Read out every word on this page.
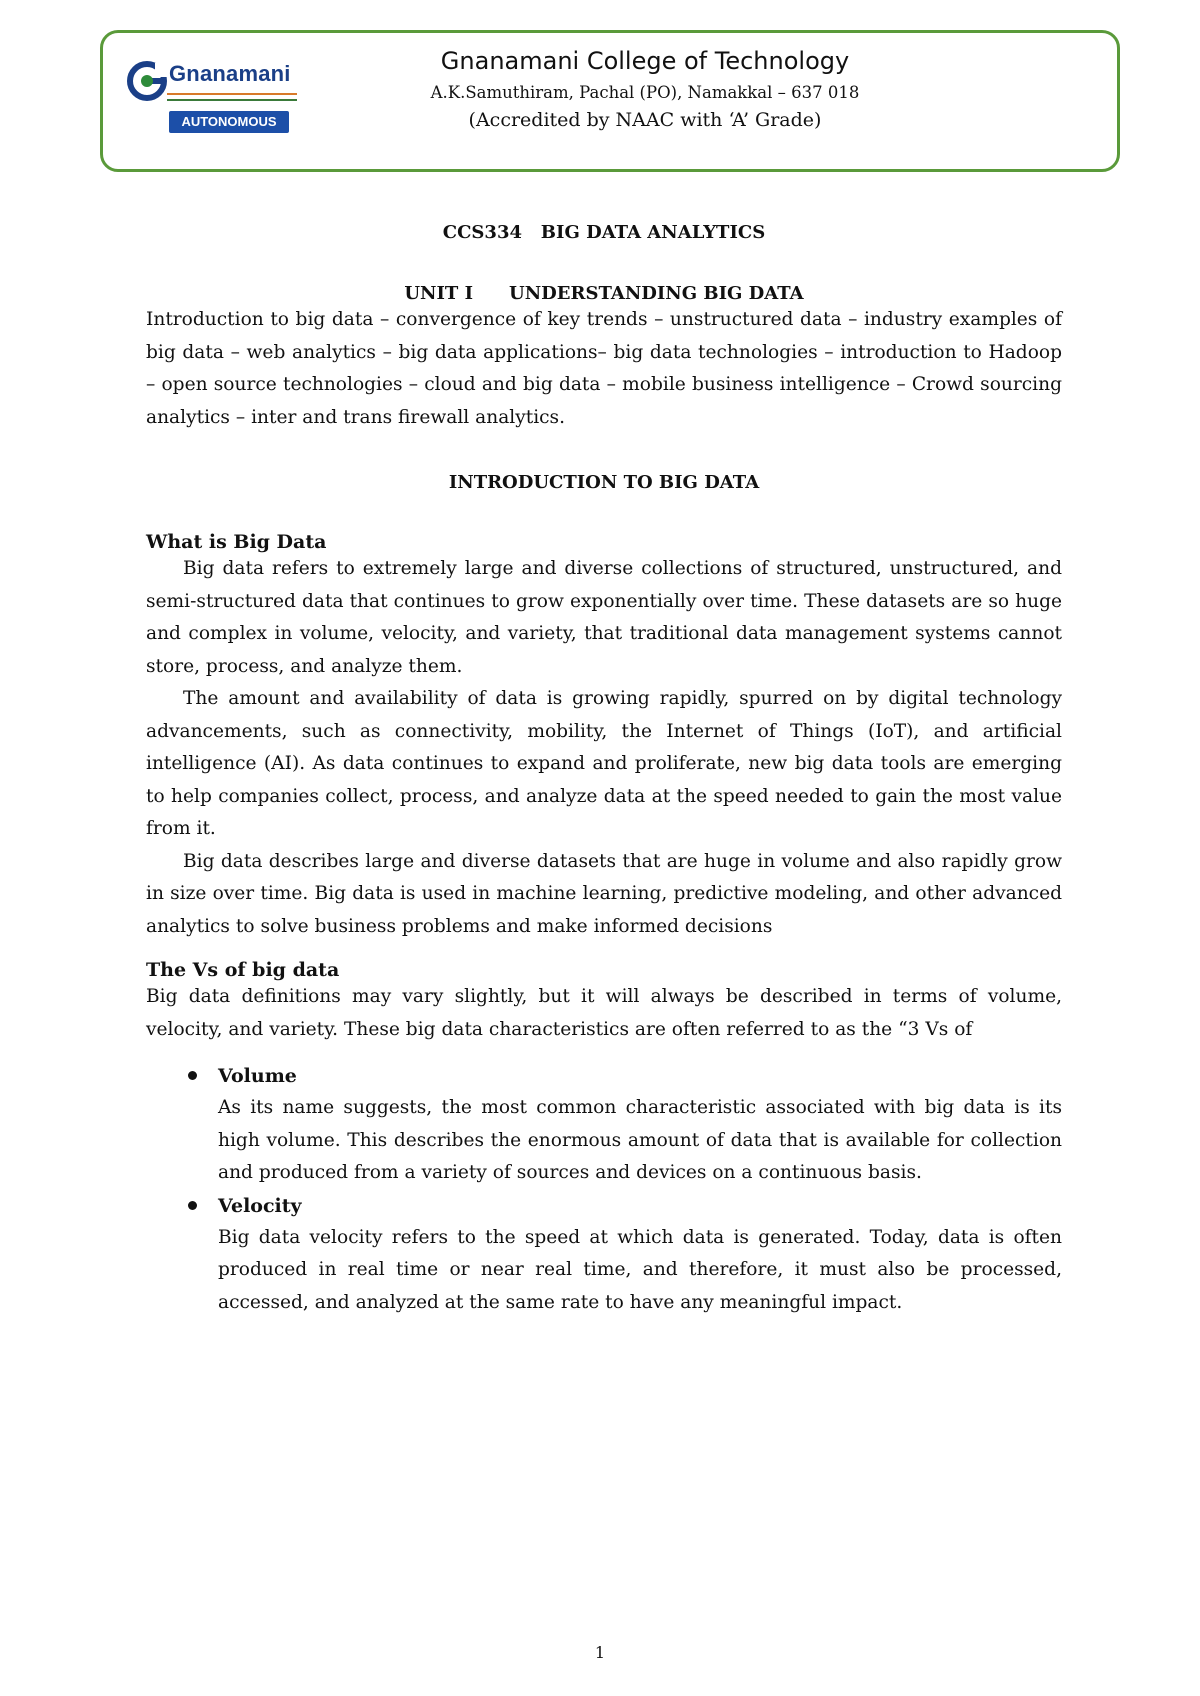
Gnanamani
AUTONOMOUS
Gnanamani College of Technology
A.K.Samuthiram, Pachal (PO), Namakkal – 637 018
(Accredited by NAAC with ‘A’ Grade)

CCS334   BIG DATA ANALYTICS

UNIT I UNDERSTANDING BIG DATA

Introduction to big data – convergence of key trends – unstructured data – industry examples of big data – web analytics – big data applications– big data technologies – introduction to Hadoop – open source technologies – cloud and big data – mobile business intelligence – Crowd sourcing analytics – inter and trans firewall analytics.

INTRODUCTION TO BIG DATA

What is Big Data

Big data refers to extremely large and diverse collections of structured, unstructured, and semi-structured data that continues to grow exponentially over time. These datasets are so huge and complex in volume, velocity, and variety, that traditional data management systems cannot store, process, and analyze them.

The amount and availability of data is growing rapidly, spurred on by digital technology advancements, such as connectivity, mobility, the Internet of Things (IoT), and artificial intelligence (AI). As data continues to expand and proliferate, new big data tools are emerging to help companies collect, process, and analyze data at the speed needed to gain the most value from it.

Big data describes large and diverse datasets that are huge in volume and also rapidly grow in size over time. Big data is used in machine learning, predictive modeling, and other advanced analytics to solve business problems and make informed decisions

The Vs of big data

Big data definitions may vary slightly, but it will always be described in terms of volume, velocity, and variety. These big data characteristics are often referred to as the “3 Vs of

Volume
As its name suggests, the most common characteristic associated with big data is its high volume. This describes the enormous amount of data that is available for collection and produced from a variety of sources and devices on a continuous basis.
Velocity
Big data velocity refers to the speed at which data is generated. Today, data is often produced in real time or near real time, and therefore, it must also be processed, accessed, and analyzed at the same rate to have any meaningful impact.
1
